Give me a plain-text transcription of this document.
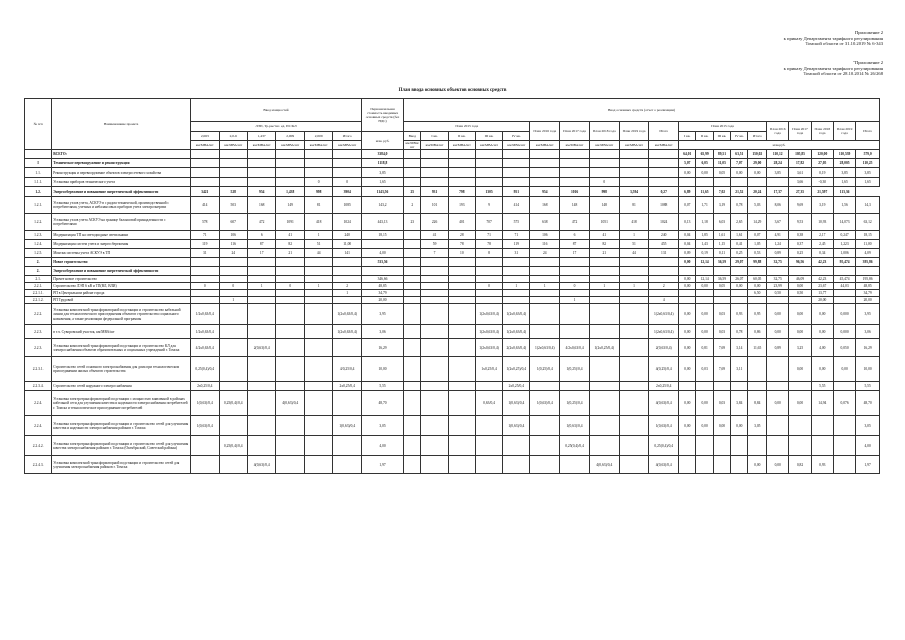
Приложение 2
к приказу Департамента тарифного регулирования
Томской области от 31.10.2019 № 6-343
"Приложение 2
к приказу Департамента тарифного регулирования
Томской области от 28.10.2014 № 26/268
План ввода основных объектов основных средств
№ п/п	Наименование проекта	Ввод мощностей						Первоначальная стоимость вводимых основных средств (без НДС)	Ввод основных средств (отчет о реализации)																			
		ЛЭП, Тр-ры/тнс. ед. ПС/КЛ							План 2015 года					План 2016 года	План 2017 года	План 2018 года	План 2019 года	Итого	План 2015 года					План 2016 года	План 2017 года	План 2018 года	План 2019 года	Итого
		2,063	2,0-6	1,437	2,009	2,009	Итого	млн. руб.	Ввод	I кв.	II кв.	III кв.	IV кв.						I кв.	II кв.	III кв.	IV кв.	Итого					
		км/МВА/шт	км/МВА/шт	км/МВА/шт	км/МВА/шт	км/МВА/шт	км/МВА/шт		км/МВА/шт	км/МВА/шт	км/МВА/шт	км/МВА/шт	км/МВА/шт	км/МВА/шт	км/МВА/шт	км/МВА/шт	км/МВА/шт	км/МВА/шт	млн.руб.									
	ВСЕГО:							3384,0											64,01	65,99	89,51	63,51	150,02	110,12	105,85	120,00	110,539	579,0
I	Техническое перевооружение и реконструкция							1118,8											5,07	6,05	11,05	7,07	29,00	28,24	17,82	27,05	28,005	110,25
1.1.	Реконструкция и перевооружение объектов электросетевого хозяйства							3,85											0,00	0,00	0,05	0,00	0,00	3,85	3,61	0,19	3,85	3,85
1.1.1.	Установка приборов технического учета					0	0	1,65								0									3,66	-0,30	1,65	1,65
1.2.	Энергосбережение и повышение энергетической эффективности	3421	528	954	1,438	998	3904	1143,56	25	931	798	1305	951	954	1016	998	3,594	0,27	6,89	11,65	7,02	21,52	20,24	17,37	27,35	21,597	113,36	
1.2.1.	Установка узлов учета, АСКУЭ в с рядом технической, производственной с потребителями, учетных и небалансовых приборов учета электроэнергии	414	503	168	149	81	1085	143,2	2	101	193	9	414	168	148	148	81	1088	0,07	1,71	3,19	0,78	5,03	8,06	9,69	3,19	1,56	14,3
1.2.2.	Установка узлов учета АСКУЭ на границе балансовой принадлежности с потребителями	578	607	472	1091	418	1024	443,13	23	226	401	707	575	638	472	1051	418	1024	0,13	1,18	6,03	2,65	14,29	3,67	9,53	10,93	14,073	63,12
1.2.3.	Модернизация ТП на светодиодные светильники	71	106	6	41	1	240	18,15		41	28	71	71	106	6	41	1	240	0,04	1,85	1,61	1,61	0,07	4,91	0,38	2,17	0,247	18,15
1.2.4.	Модернизация систем учета и энергосбережения	119	116	87	82	51	11,00			59	78	78	119	116	87	82	51	455	0,04	1,43	1,15	0,41	1,05	1,24	0,37	2,45	1,223	11,00
1.2.5.	Монтаж системы учета АСКУЭ в ТП	31	24	17	21	44	141	4,00		7	10	8	31	24	17	21	44	131	0,09	0,19	0,11	0,25	0,53	0,89	0,25	0,34	1,006	4,09
2.	Новое строительство							533,56											0,00	12,14	36,59	29,07	99,88	32,75	96,56	42,23	95,474	395,86
2.	Энергосбережение и повышение энергетической эффективности																											
2.1.	Прочее новое строительство							346,66											0,00	12,14	36,59	26,07	60,05	32,75	46,09	42,23	45,474	195,86
2.2.1.	Строительство ЛЭП 6 кВ и ТП(ВЛ, ВЛИ)	0	0	1	0	1	2	48,85				0	1	1	0	1	1	2	0,00	0,00	0,05	0,00	0,00	23,99	0,00	23,67	44,03	48,85
2.2.1.1.	РП в Центральном районе города						1	34,79															6,50	0,50	0,50	13,77		34,79
2.2.1.2.	РП Трудовой		1					20,00							1			4								20,00		20,00
2.2.2.	Установка комплектной трансформаторной подстанции и строительство кабельной линии для технологического присоединения объектов строительства социального назначения, а также реализации федеральной программы	1/2х0,63/0,4					1(2х0,63/0,4)	3,95				1(2х0,63/0,4)	1(2х0,63/0,4)					1(2х0,63/0,4)	0,00	0,00	0,03	0,93	0,95	0,00	0,00	0,00	0,000	3,95
2.2.3.	в т.ч. Суворовский участок, км/МВА/шт	1/2х0,63/0,4					1(2х0,63/0,4)	3,06				1(2х0,63/0,4)	1(2х0,63/0,4)					1(2х0,63/0,4)	0,00	0,00	0,03	0,78	0,86	0,00	0,00	0,00	0,000	3,06
2.2.3.	Установка комплектной трансформаторной подстанции и строительство КЛ для электроснабжения объектов образовательных и социальных учреждений г. Томска	4/2х0,63/0,4		2(0,63)/0,4				16,29				1(2х0,63/0,4)	2(2х0,63/0,4)	1(2х0,63/0,4)	4/2х0,63/0,4	1(2х0,25/0,4)		2(0,63/0,4)	0,00	0,81	7,69	3,14	11,65	0,89	3,25	4,00	0,050	16,29
2.2.3.1.	Строительство сетей основного электроснабжения для дома при технологическом присоединении жилых объектов строительства	0,25(0,4)/0,4					4/0,25/0,4	10,00				1х0,25/0,4	1(2х0,25)/0,4	1(0,25)/0,4	1(0,25)/0,4			4(0,25)/0,4	0,00	0,03	7,69	3,11			0,00	0,00	0,00	10,00
2.2.3.4.	Строительство сетей наружного электроснабжения	2х0,25/0,4					2х0,25/0,4	5,55					2х0,25/0,4					2х0,25/0,4								5,55		5,55
2.2.4.	Установка электротрансформаторной подстанции с мощностью заявленной в районах кабельной сети для улучшения качества и надежности электроснабжения потребителей г. Томска и технологическое присоединение потребителей	1(0,63)/0,4	0,25(0,4)/0,4		4(0,63)/0,4			48,70				0,63/0,4	1(0,63)/0,4	1(0,63)/0,4	1(0,25)/0,4			4(0,63)/0,4	0,00	0,00	0,03	3,84	8,84	0,00	0,00	14,94	0,076	48,70
2.2.4.	Установка электротрансформаторной подстанции и строительство сетей для улучшения качества и надежности электроснабжения районов г. Томска	1(0,63)/0,4					1(0,63)/0,4	3,05					1(0,63)/0,4		1(0,63)/0,4			1(0,63)/0,4	0,00	0,00	0,00	0,00	3,05					3,05
2.2.4.2.	Установка электротрансформаторной подстанции и строительство сетей для улучшения качества электроснабжения районов г. Томска (Октябрьский, Советский районы)		0,25(0,4)/0,4					4,00							0,25(0,4)/0,4			0,25(0,4)/0,4										4,00
2.2.4.3.	Установка комплектной трансформаторной подстанции и строительство сетей для улучшения электроснабжения районов г. Томска			4(0,63)/0,4				1,97								4(0,63)/0,4		4(0,63)/0,4					0,00	0,00	0,82	0,93		1,97
